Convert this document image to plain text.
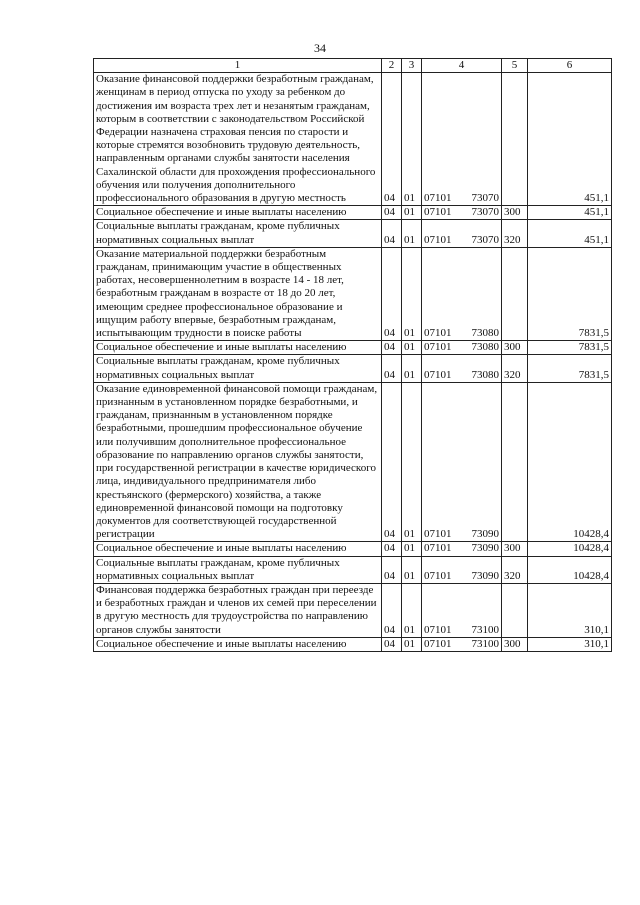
34
1	2	3	4	5	6
Оказание финансовой поддержки безработным гражданам, женщинам в период отпуска по уходу за ребенком до достижения им возраста трех лет и незанятым гражданам, которым в соответствии с законодательством Российской Федерации назначена страховая пенсия по старости и которые стремятся возобновить трудовую деятельность, направленным органами службы занятости населения Сахалинской области для прохождения профессионального обучения или получения дополнительного профессионального образования в другую местность	04	01	07101 73070		451,1
Социальное обеспечение и иные выплаты населению	04	01	07101 73070	300	451,1
Социальные выплаты гражданам, кроме публичных нормативных социальных выплат	04	01	07101 73070	320	451,1
Оказание материальной поддержки безработным гражданам, принимающим участие в общественных работах, несовершеннолетним в возрасте 14 - 18 лет, безработным гражданам в возрасте от 18 до 20 лет, имеющим среднее профессиональное образование и ищущим работу впервые, безработным гражданам, испытывающим трудности в поиске работы	04	01	07101 73080		7831,5
Социальное обеспечение и иные выплаты населению	04	01	07101 73080	300	7831,5
Социальные выплаты гражданам, кроме публичных нормативных социальных выплат	04	01	07101 73080	320	7831,5
Оказание единовременной финансовой помощи гражданам, признанным в установленном порядке безработными, и гражданам, признанным в установленном порядке безработными, прошедшим профессиональное обучение или получившим дополнительное профессиональное образование по направлению органов службы занятости, при государственной регистрации в качестве юридического лица, индивидуального предпринимателя либо крестьянского (фермерского) хозяйства, а также единовременной финансовой помощи на подготовку документов для соответствующей государственной регистрации	04	01	07101 73090		10428,4
Социальное обеспечение и иные выплаты населению	04	01	07101 73090	300	10428,4
Социальные выплаты гражданам, кроме публичных нормативных социальных выплат	04	01	07101 73090	320	10428,4
Финансовая поддержка безработных граждан при переезде и безработных граждан и членов их семей при переселении в другую местность для трудоустройства по направлению органов службы занятости	04	01	07101 73100		310,1
Социальное обеспечение и иные выплаты населению	04	01	07101 73100	300	310,1
